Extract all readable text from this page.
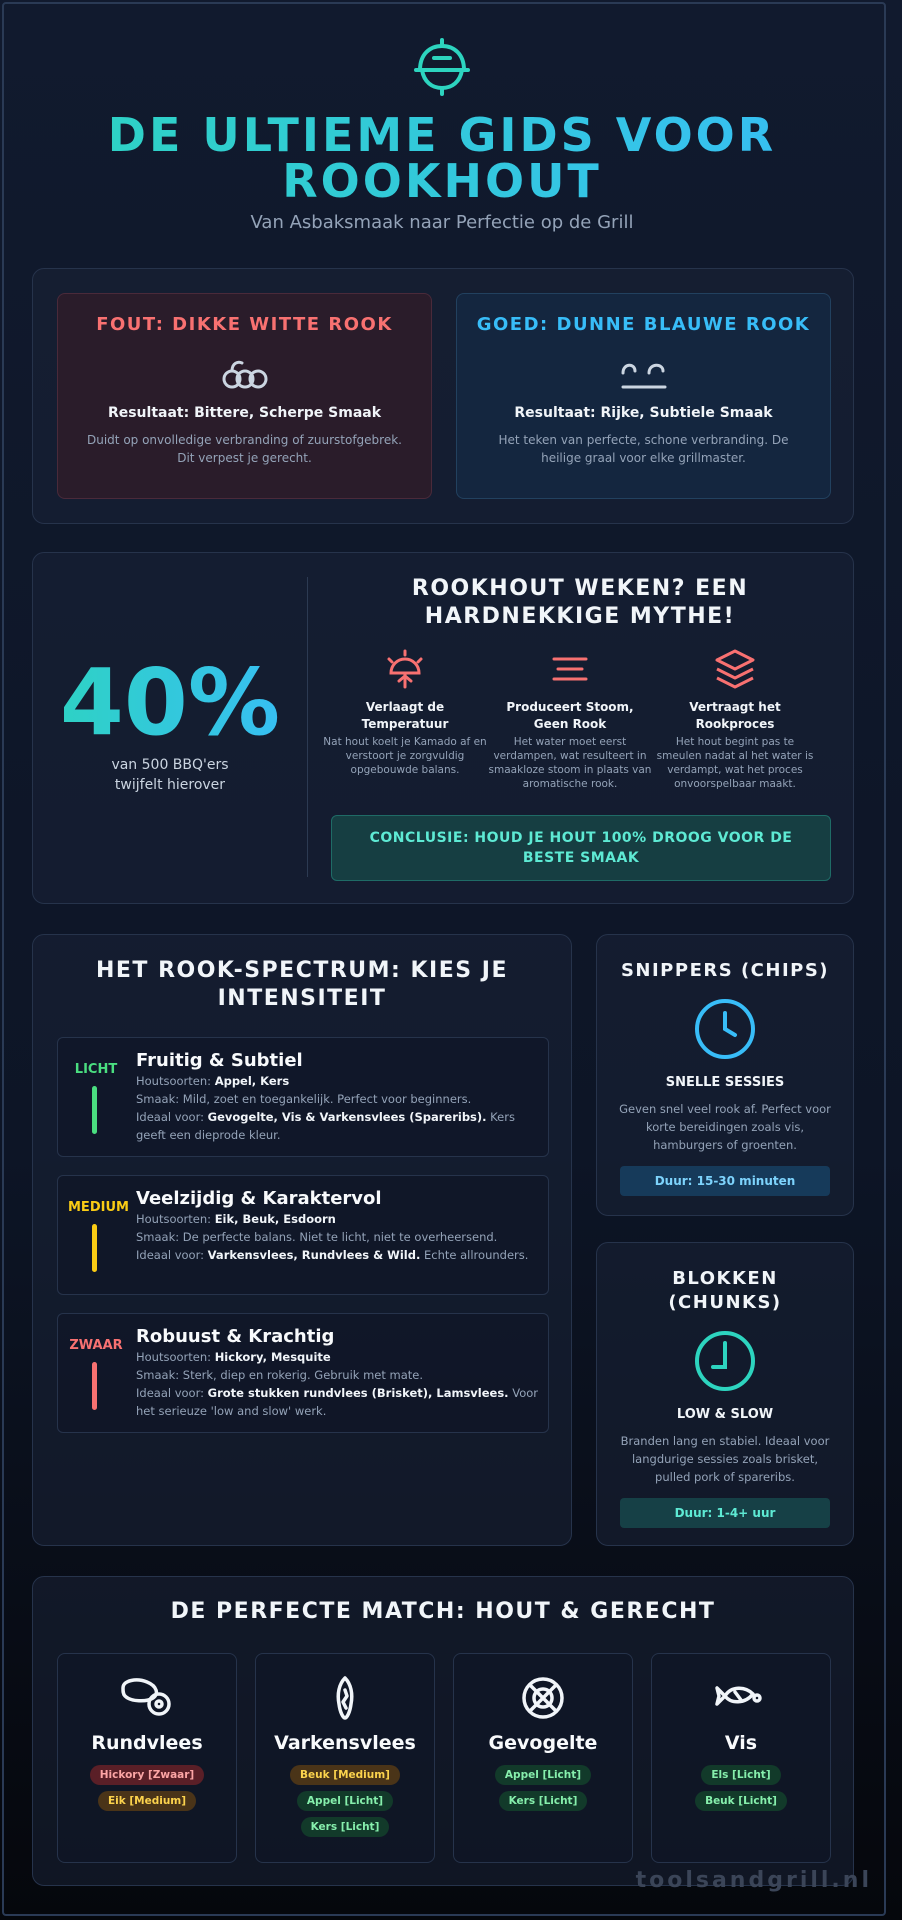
DE ULTIEME GIDS VOOR ROOKHOUT
Van Asbaksmaak naar Perfectie op de Grill
FOUT: DIKKE WITTE ROOK
Resultaat: Bittere, Scherpe Smaak
Duidt op onvolledige verbranding of zuurstofgebrek. Dit verpest je gerecht.
GOED: DUNNE BLAUWE ROOK
Resultaat: Rijke, Subtiele Smaak
Het teken van perfecte, schone verbranding. De heilige graal voor elke grillmaster.
40%
van 500 BBQ'ers twijfelt hierover
ROOKHOUT WEKEN? EEN HARDNEKKIGE MYTHE!
Verlaagt de Temperatuur
Nat hout koelt je Kamado af en verstoort je zorgvuldig opgebouwde balans.
Produceert Stoom, Geen Rook
Het water moet eerst verdampen, wat resulteert in smaakloze stoom in plaats van aromatische rook.
Vertraagt het Rookproces
Het hout begint pas te smeulen nadat al het water is verdampt, wat het proces onvoorspelbaar maakt.
CONCLUSIE: HOUD JE HOUT 100% DROOG VOOR DE BESTE SMAAK
HET ROOK-SPECTRUM: KIES JE INTENSITEIT
LICHT	Fruitig & Subtiel
Houtsoorten: Appel, Kers
Smaak: Mild, zoet en toegankelijk. Perfect voor beginners.
Ideaal voor: Gevogelte, Vis & Varkensvlees (Spareribs). Kers geeft een dieprode kleur.
MEDIUM Veelzijdig & Karaktervol
Houtsoorten: Eik, Beuk, Esdoorn
Smaak: De perfecte balans. Niet te licht, niet te overheersend.
Ideaal voor: Varkensvlees, Rundvlees & Wild. Echte allrounders.
ZWAAR Robuust & Krachtig
Houtsoorten: Hickory, Mesquite
Smaak: Sterk, diep en rokerig. Gebruik met mate.
Ideaal voor: Grote stukken rundvlees (Brisket), Lamsvlees. Voor het serieuze 'low and slow' werk.
SNIPPERS (CHIPS)
SNELLE SESSIES
Geven snel veel rook af. Perfect voor korte bereidingen zoals vis, hamburgers of groenten.
Duur: 15-30 minuten
BLOKKEN (CHUNKS)
LOW & SLOW
Branden lang en stabiel. Ideaal voor langdurige sessies zoals brisket, pulled pork of spareribs.
Duur: 1-4+ uur
DE PERFECTE MATCH: HOUT & GERECHT
Rundvlees
Hickory [Zwaar]
Eik [Medium]
Varkensvlees
Beuk [Medium]
Appel [Licht]
Kers [Licht]
Gevogelte
Appel [Licht]
Kers [Licht]
Vis
Els [Licht]
Beuk [Licht]
toolsandgrill.nl
